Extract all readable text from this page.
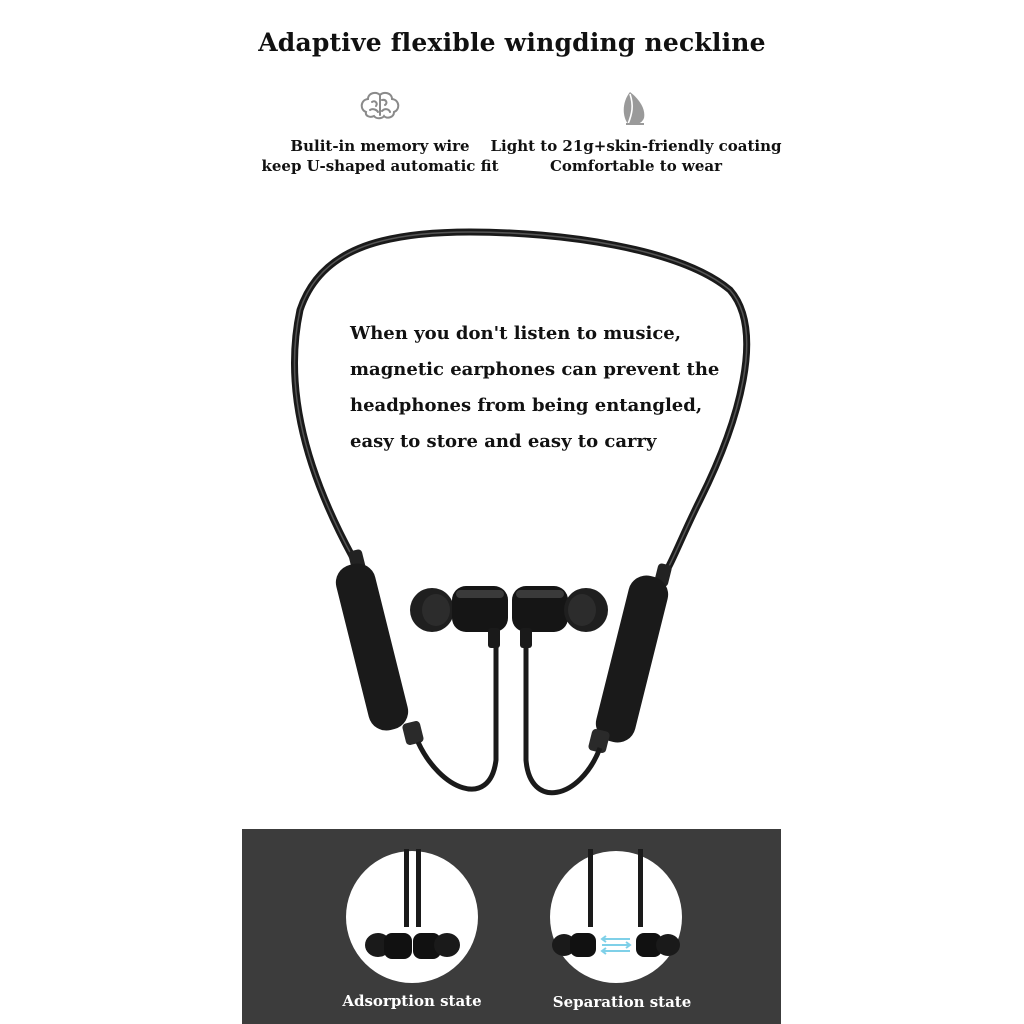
Adaptive flexible wingding neckline
Bulit-in memory wire
keep U-shaped automatic fit
Light to 21g+skin-friendly coating
Comfortable to wear
When you don't listen to musice,
magnetic earphones can prevent the
headphones from being entangled,
easy to store and easy to carry
Adsorption state	Separation state
